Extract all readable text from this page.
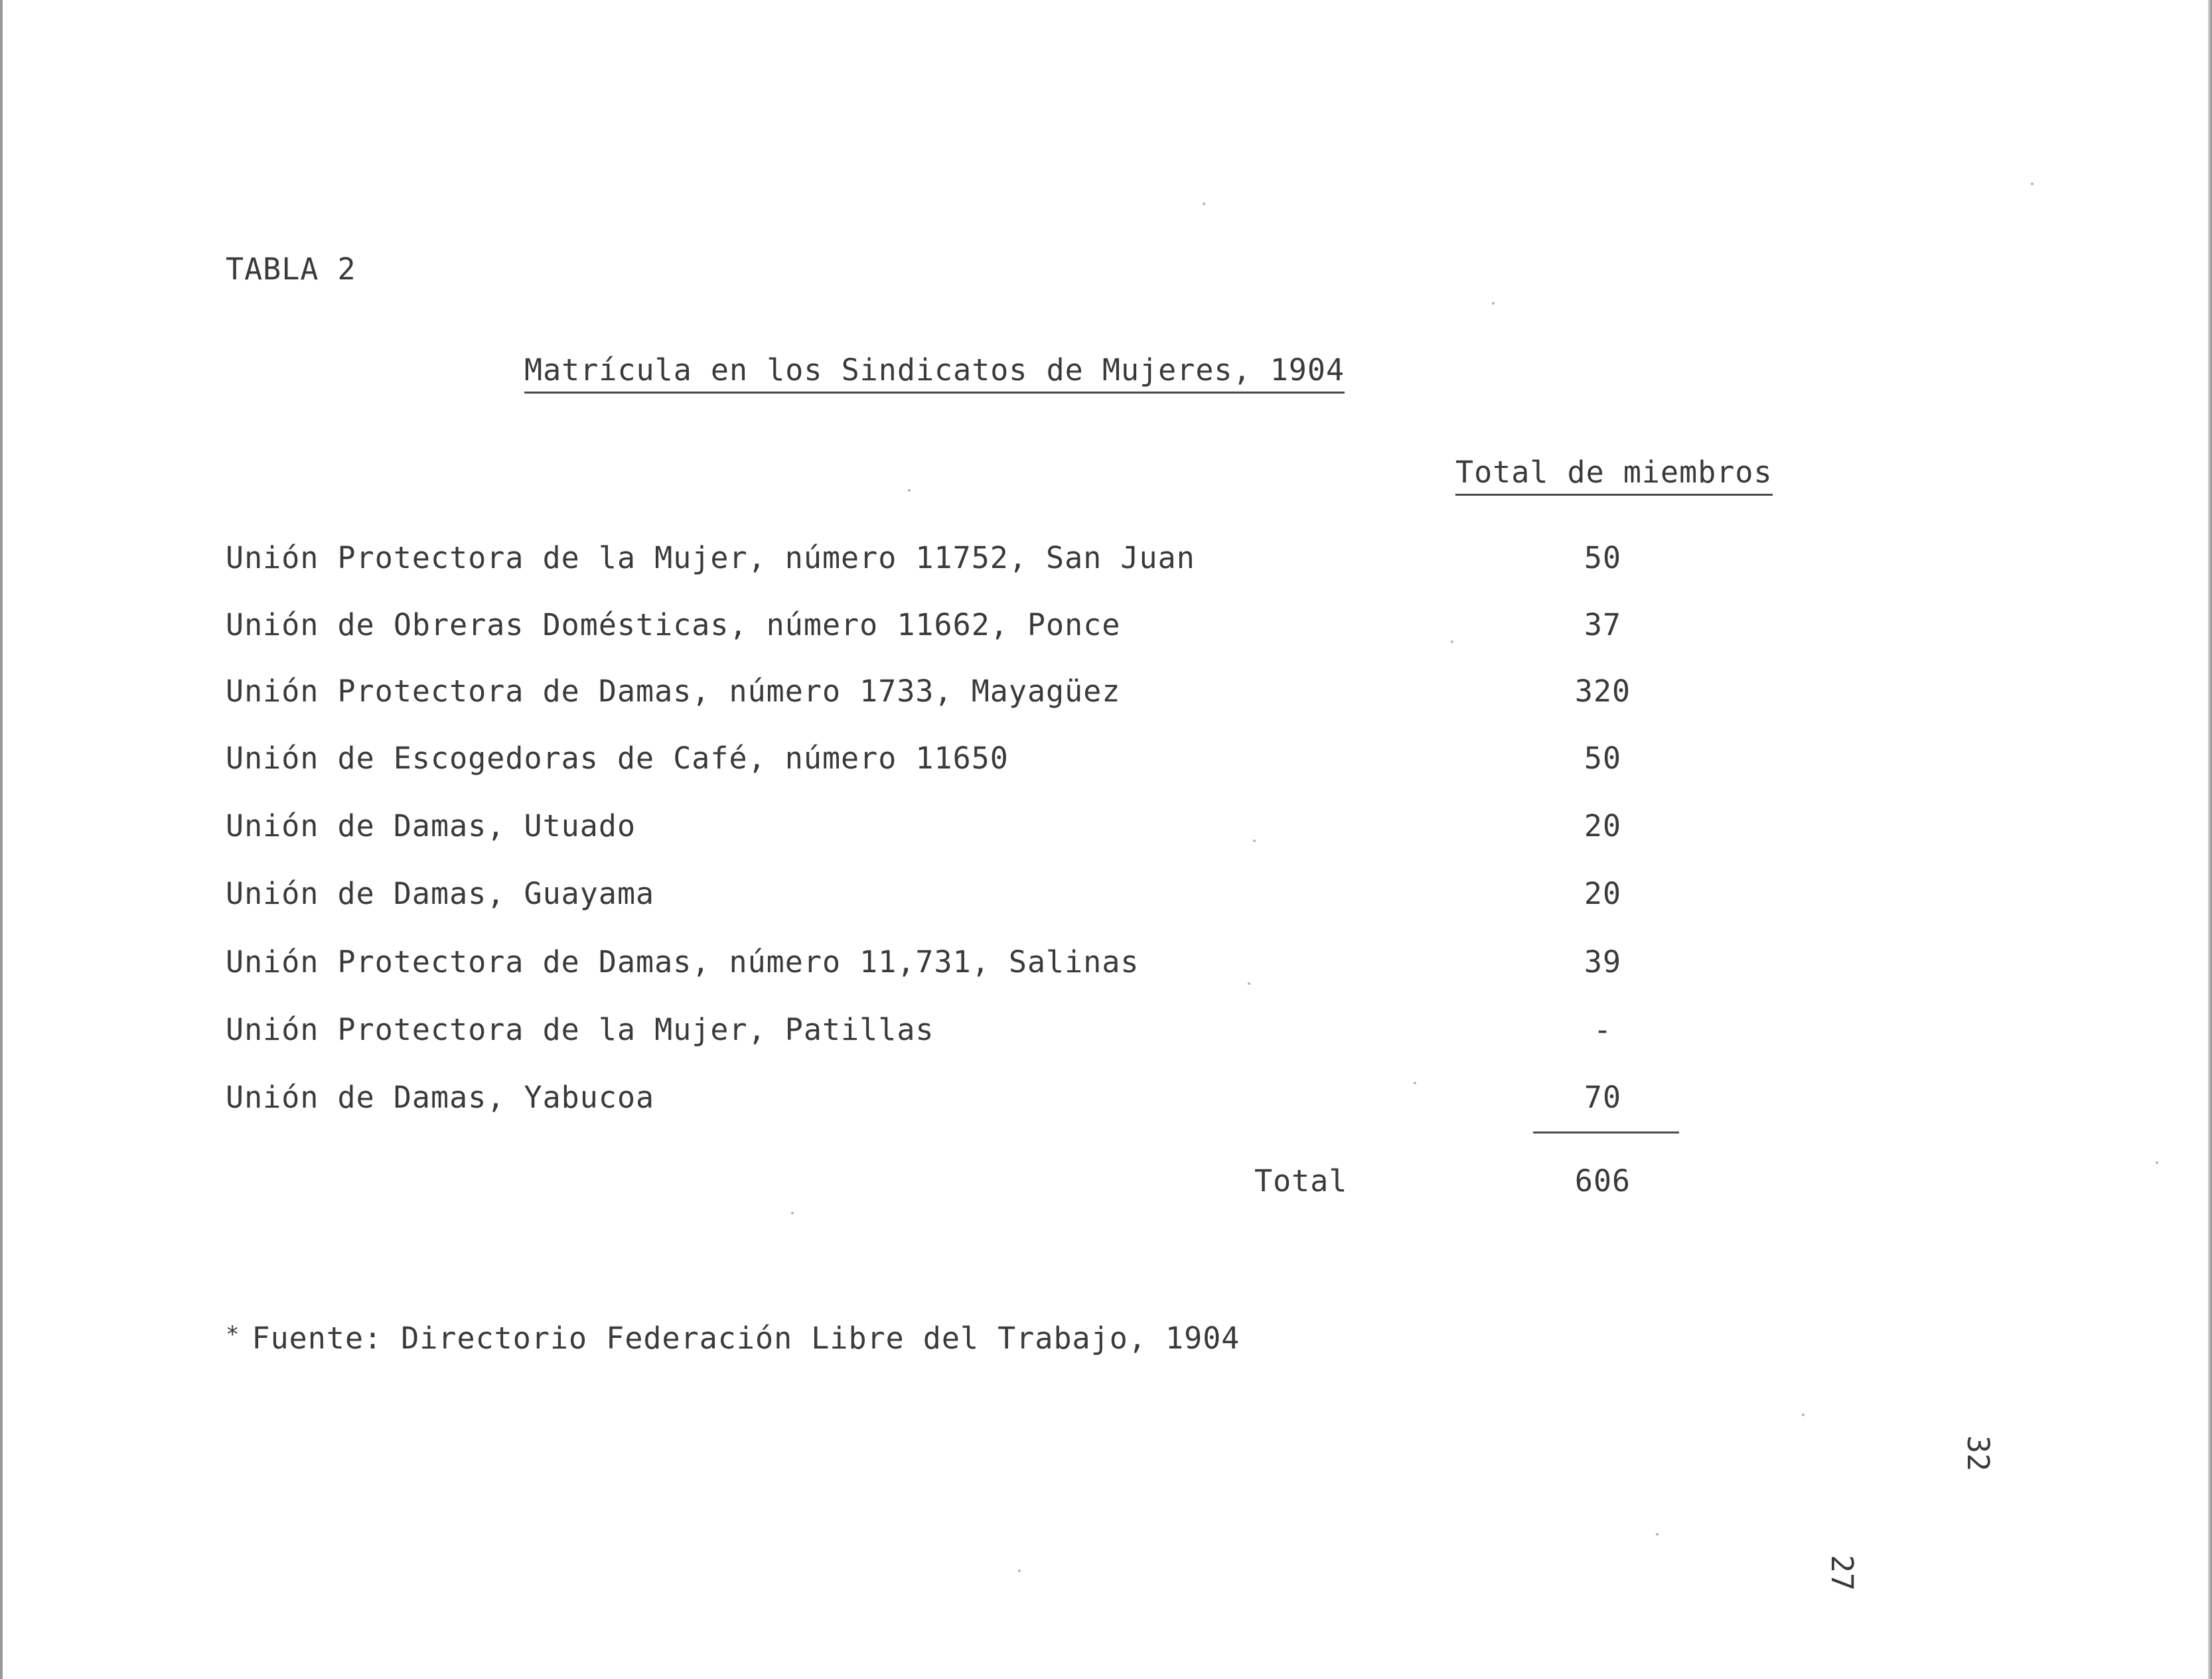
TABLA 2
Matrícula en los Sindicatos de Mujeres, 1904
Total de miembros
Unión Protectora de la Mujer, número 11752, San Juan	50
Unión de Obreras Domésticas, número 11662, Ponce	37
Unión Protectora de Damas, número 1733, Mayagüez	320
Unión de Escogedoras de Café, número 11650	50
Unión de Damas, Utuado	20
Unión de Damas, Guayama	20
Unión Protectora de Damas, número 11,731, Salinas	39
Unión Protectora de la Mujer, Patillas	-
Unión de Damas, Yabucoa	70
Total	606
* Fuente: Directorio Federación Libre del Trabajo, 1904
32
27
